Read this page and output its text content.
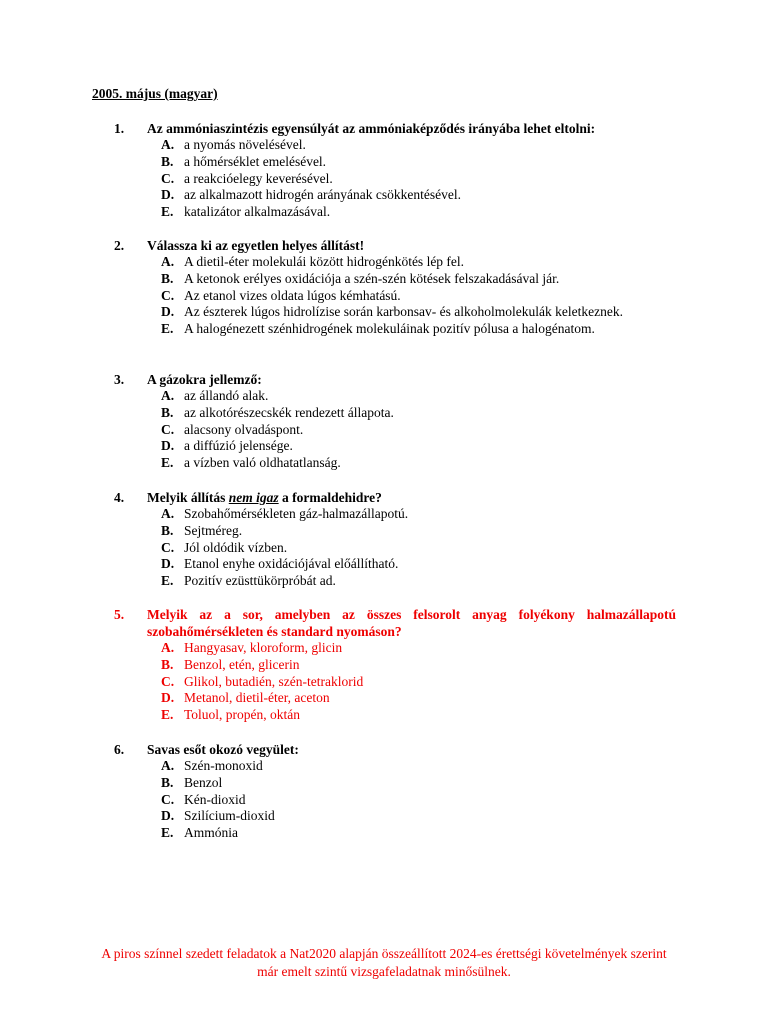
2005. május (magyar)
1.	Az ammóniaszintézis egyensúlyát az ammóniaképződés irányába lehet eltolni:
A. a nyomás növelésével.
B. a hőmérséklet emelésével.
C. a reakcióelegy keverésével.
D. az alkalmazott hidrogén arányának csökkentésével.
E. katalizátor alkalmazásával.
2.	Válassza ki az egyetlen helyes állítást!
A. A dietil-éter molekulái között hidrogénkötés lép fel.
B. A ketonok erélyes oxidációja a szén-szén kötések felszakadásával jár.
C. Az etanol vizes oldata lúgos kémhatású.
D. Az észterek lúgos hidrolízise során karbonsav- és alkoholmolekulák keletkeznek.
E. A halogénezett szénhidrogének molekuláinak pozitív pólusa a halogénatom.
3.	A gázokra jellemző:
A. az állandó alak.
B. az alkotórészecskék rendezett állapota.
C. alacsony olvadáspont.
D. a diffúzió jelensége.
E. a vízben való oldhatatlanság.
4.	Melyik állítás nem igaz a formaldehidre?
A. Szobahőmérsékleten gáz-halmazállapotú.
B. Sejtméreg.
C. Jól oldódik vízben.
D. Etanol enyhe oxidációjával előállítható.
E. Pozitív ezüsttükörpróbát ad.
5.	Melyik az a sor, amelyben az összes felsorolt anyag folyékony halmazállapotú szobahőmérsékleten és standard nyomáson?
A. Hangyasav, kloroform, glicin
B. Benzol, etén, glicerin
C. Glikol, butadién, szén-tetraklorid
D. Metanol, dietil-éter, aceton
E. Toluol, propén, oktán
6.	Savas esőt okozó vegyület:
A. Szén-monoxid
B. Benzol
C. Kén-dioxid
D. Szilícium-dioxid
E. Ammónia
A piros színnel szedett feladatok a Nat2020 alapján összeállított 2024-es érettségi követelmények szerint már emelt szintű vizsgafeladatnak minősülnek.
